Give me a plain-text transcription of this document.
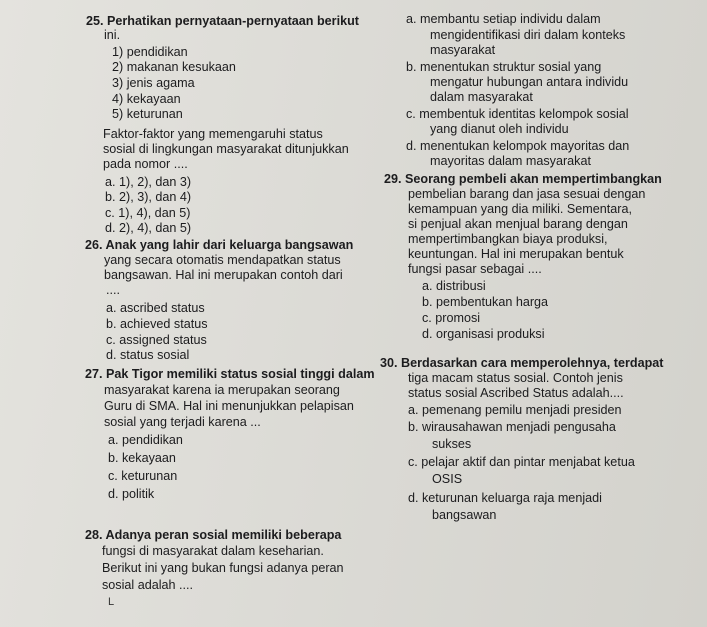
25. Perhatikan pernyataan-pernyataan berikut
ini.
1) pendidikan
2) makanan kesukaan
3) jenis agama
4) kekayaan
5) keturunan
Faktor-faktor yang memengaruhi status
sosial di lingkungan masyarakat ditunjukkan
pada nomor ....
a. 1), 2), dan 3)
b. 2), 3), dan 4)
c. 1), 4), dan 5)
d. 2), 4), dan 5)
26. Anak yang lahir dari keluarga bangsawan
yang secara otomatis mendapatkan status
bangsawan. Hal ini merupakan contoh dari
....
a. ascribed status
b. achieved status
c. assigned status
d. status sosial
27. Pak Tigor memiliki status sosial tinggi dalam
masyarakat karena ia merupakan seorang
Guru di SMA. Hal ini menunjukkan pelapisan
sosial yang terjadi karena ...
a. pendidikan
b. kekayaan
c. keturunan
d. politik
28. Adanya peran sosial memiliki beberapa
fungsi di masyarakat dalam keseharian.
Berikut ini yang bukan fungsi adanya peran
sosial adalah ....
L
a. membantu setiap individu dalam
mengidentifikasi diri dalam konteks
masyarakat
b. menentukan struktur sosial yang
mengatur hubungan antara individu
dalam masyarakat
c. membentuk identitas kelompok sosial
yang dianut oleh individu
d. menentukan kelompok mayoritas dan
mayoritas dalam masyarakat
29. Seorang pembeli akan mempertimbangkan
pembelian barang dan jasa sesuai dengan
kemampuan yang dia miliki. Sementara,
si penjual akan menjual barang dengan
mempertimbangkan biaya produksi,
keuntungan. Hal ini merupakan bentuk
fungsi pasar sebagai ....
a. distribusi
b. pembentukan harga
c. promosi
d. organisasi produksi
30. Berdasarkan cara memperolehnya, terdapat
tiga macam status sosial. Contoh jenis
status sosial Ascribed Status adalah....
a. pemenang pemilu menjadi presiden
b. wirausahawan menjadi pengusaha
sukses
c. pelajar aktif dan pintar menjabat ketua
OSIS
d. keturunan keluarga raja menjadi
bangsawan
